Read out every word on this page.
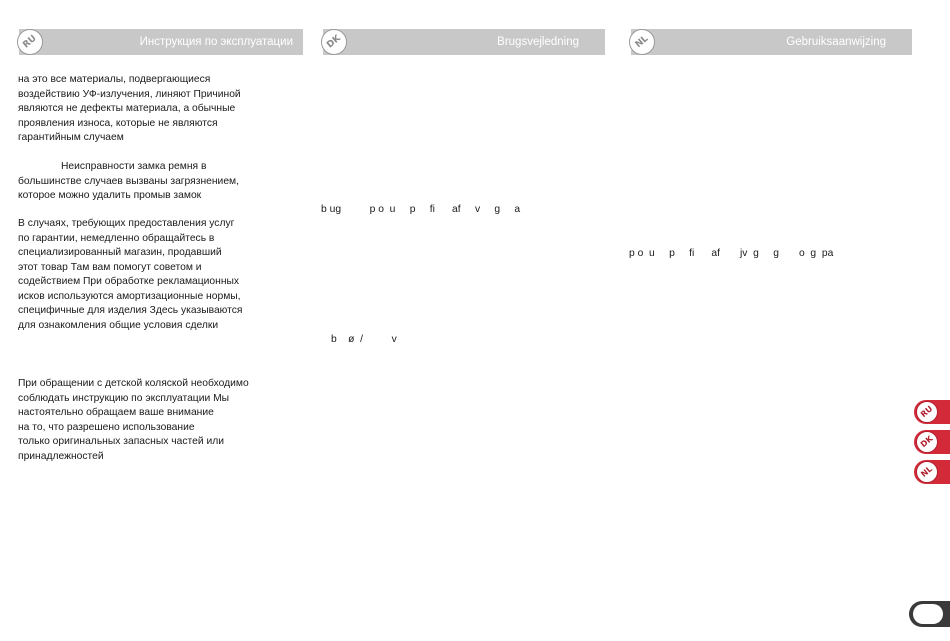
RU	Инструкция по эксплуатации	DK	Brugsvejledning	NL	Gebruiksaanwijzing

на это все материалы, подвергающиеся

воздействию УФ-излучения, линяют Причиной

являются не дефекты материала, а обычные

проявления износа, которые не являются

гарантийным случаем

Неисправности замка ремня в

большинстве случаев вызваны загрязнением,

которое можно удалить промыв замок

В случаях, требующих предоставления услуг

по гарантии, немедленно обращайтесь в

специализированный магазин, продавший

этот товар Там вам помогут советом и

содействием При обработке рекламационных

исков используются амортизационные нормы,

специфичные для изделия Здесь указываются

для ознакомления общие условия сделки

При обращении с детской коляской необходимо

соблюдать инструкцию по эксплуатации Мы

настоятельно обращаем ваше внимание

на то, что разрешено использование

только оригинальных запасных частей или

принадлежностей

b ug          p o  u     p     fi      af     v     g     a
b    ø  /          v
p o  u     p     fi      af       jv  g     g       o  g  pa
RU
DK
NL
